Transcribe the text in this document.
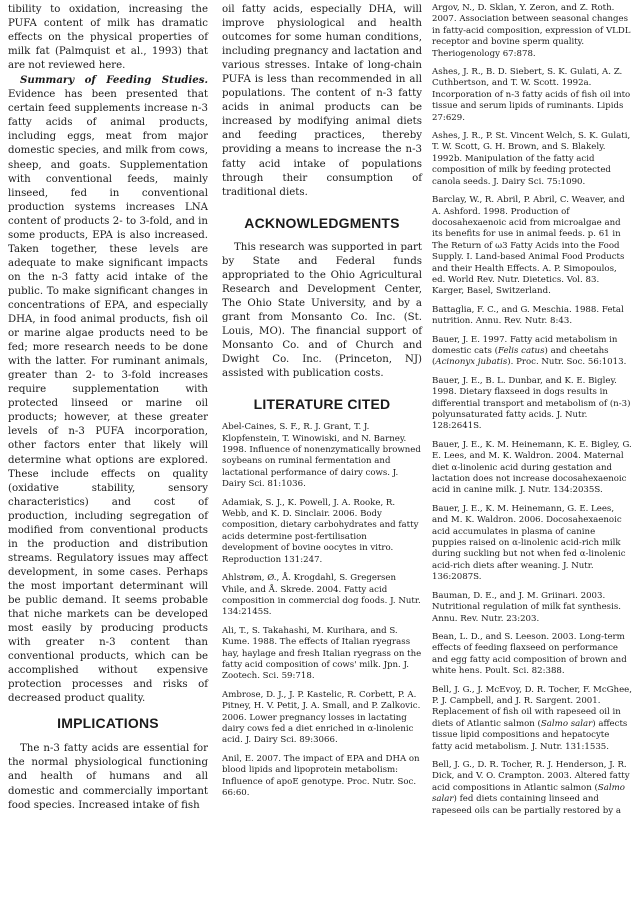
tibility to oxidation, increasing the PUFA content of milk has dramatic effects on the physical properties of milk fat (Palmquist et al., 1993) that are not reviewed here.

Summary of Feeding Studies. Evidence has been presented that certain feed supplements increase n-3 fatty acids of animal products, including eggs, meat from major domestic species, and milk from cows, sheep, and goats. Supplementation with conventional feeds, mainly linseed, fed in conventional production systems increases LNA content of products 2- to 3-fold, and in some products, EPA is also increased. Taken together, these levels are adequate to make significant impacts on the n-3 fatty acid intake of the public. To make significant changes in concentrations of EPA, and especially DHA, in food animal products, fish oil or marine algae products need to be fed; more research needs to be done with the latter. For ruminant animals, greater than 2- to 3-fold increases require supplementation with protected linseed or marine oil products; however, at these greater levels of n-3 PUFA incorporation, other factors enter that likely will determine what options are explored. These include effects on quality (oxidative stability, sensory characteristics) and cost of production, including segregation of modified from conventional products in the production and distribution streams. Regulatory issues may affect development, in some cases. Perhaps the most important determinant will be public demand. It seems probable that niche markets can be developed most easily by producing products with greater n-3 content than conventional products, which can be accomplished without expensive protection processes and risks of decreased product quality.

IMPLICATIONS

The n-3 fatty acids are essential for the normal physiological functioning and health of humans and all domestic and commercially important food species. Increased intake of fish

oil fatty acids, especially DHA, will improve physiological and health outcomes for some human conditions, including pregnancy and lactation and various stresses. Intake of long-chain PUFA is less than recommended in all populations. The content of n-3 fatty acids in animal products can be increased by modifying animal diets and feeding practices, thereby providing a means to increase the n-3 fatty acid intake of populations through their consumption of traditional diets.

ACKNOWLEDGMENTS

This research was supported in part by State and Federal funds appropriated to the Ohio Agricultural Research and Development Center, The Ohio State University, and by a grant from Monsanto Co. Inc. (St. Louis, MO). The financial support of Monsanto Co. and of Church and Dwight Co. Inc. (Princeton, NJ) assisted with publication costs.

LITERATURE CITED

Abel-Caines, S. F., R. J. Grant, T. J. Klopfenstein, T. Winowiski, and N. Barney. 1998. Influence of nonenzymatically browned soybeans on ruminal fermentation and lactational performance of dairy cows. J. Dairy Sci. 81:1036.

Adamiak, S. J., K. Powell, J. A. Rooke, R. Webb, and K. D. Sinclair. 2006. Body composition, dietary carbohydrates and fatty acids determine post-fertilisation development of bovine oocytes in vitro. Reproduction 131:247.

Ahlstrøm, Ø., Å. Krogdahl, S. Gregersen Vhile, and Å. Skrede. 2004. Fatty acid composition in commercial dog foods. J. Nutr. 134:2145S.

Ali, T., S. Takahashi, M. Kurihara, and S. Kume. 1988. The effects of Italian ryegrass hay, haylage and fresh Italian ryegrass on the fatty acid composition of cows' milk. Jpn. J. Zootech. Sci. 59:718.

Ambrose, D. J., J. P. Kastelic, R. Corbett, P. A. Pitney, H. V. Petit, J. A. Small, and P. Zalkovic. 2006. Lower pregnancy losses in lactating dairy cows fed a diet enriched in α-linolenic acid. J. Dairy Sci. 89:3066.

Anil, E. 2007. The impact of EPA and DHA on blood lipids and lipoprotein metabolism: Influence of apoE genotype. Proc. Nutr. Soc. 66:60.

Argov, N., D. Sklan, Y. Zeron, and Z. Roth. 2007. Association between seasonal changes in fatty-acid composition, expression of VLDL receptor and bovine sperm quality. Theriogenology 67:878.

Ashes, J. R., B. D. Siebert, S. K. Gulati, A. Z. Cuthbertson, and T. W. Scott. 1992a. Incorporation of n-3 fatty acids of fish oil into tissue and serum lipids of ruminants. Lipids 27:629.

Ashes, J. R., P. St. Vincent Welch, S. K. Gulati, T. W. Scott, G. H. Brown, and S. Blakely. 1992b. Manipulation of the fatty acid composition of milk by feeding protected canola seeds. J. Dairy Sci. 75:1090.

Barclay, W., R. Abril, P. Abril, C. Weaver, and A. Ashford. 1998. Production of docosahexaenoic acid from microalgae and its benefits for use in animal feeds. p. 61 in The Return of ω3 Fatty Acids into the Food Supply. I. Land-based Animal Food Products and their Health Effects. A. P. Simopoulos, ed. World Rev. Nutr. Dietetics. Vol. 83. Karger, Basel, Switzerland.

Battaglia, F. C., and G. Meschia. 1988. Fetal nutrition. Annu. Rev. Nutr. 8:43.

Bauer, J. E. 1997. Fatty acid metabolism in domestic cats (Felis catus) and cheetahs (Acinonyx jubatis). Proc. Nutr. Soc. 56:1013.

Bauer, J. E., B. L. Dunbar, and K. E. Bigley. 1998. Dietary flaxseed in dogs results in differential transport and metabolism of (n-3) polyunsaturated fatty acids. J. Nutr. 128:2641S.

Bauer, J. E., K. M. Heinemann, K. E. Bigley, G. E. Lees, and M. K. Waldron. 2004. Maternal diet α-linolenic acid during gestation and lactation does not increase docosahexaenoic acid in canine milk. J. Nutr. 134:2035S.

Bauer, J. E., K. M. Heinemann, G. E. Lees, and M. K. Waldron. 2006. Docosahexaenoic acid accumulates in plasma of canine puppies raised on α-linolenic acid-rich milk during suckling but not when fed α-linolenic acid-rich diets after weaning. J. Nutr. 136:2087S.

Bauman, D. E., and J. M. Griinari. 2003. Nutritional regulation of milk fat synthesis. Annu. Rev. Nutr. 23:203.

Bean, L. D., and S. Leeson. 2003. Long-term effects of feeding flaxseed on performance and egg fatty acid composition of brown and white hens. Poult. Sci. 82:388.

Bell, J. G., J. McEvoy, D. R. Tocher, F. McGhee, P. J. Campbell, and J. R. Sargent. 2001. Replacement of fish oil with rapeseed oil in diets of Atlantic salmon (Salmo salar) affects tissue lipid compositions and hepatocyte fatty acid metabolism. J. Nutr. 131:1535.

Bell, J. G., D. R. Tocher, R. J. Henderson, J. R. Dick, and V. O. Crampton. 2003. Altered fatty acid compositions in Atlantic salmon (Salmo salar) fed diets containing linseed and rapeseed oils can be partially restored by a
